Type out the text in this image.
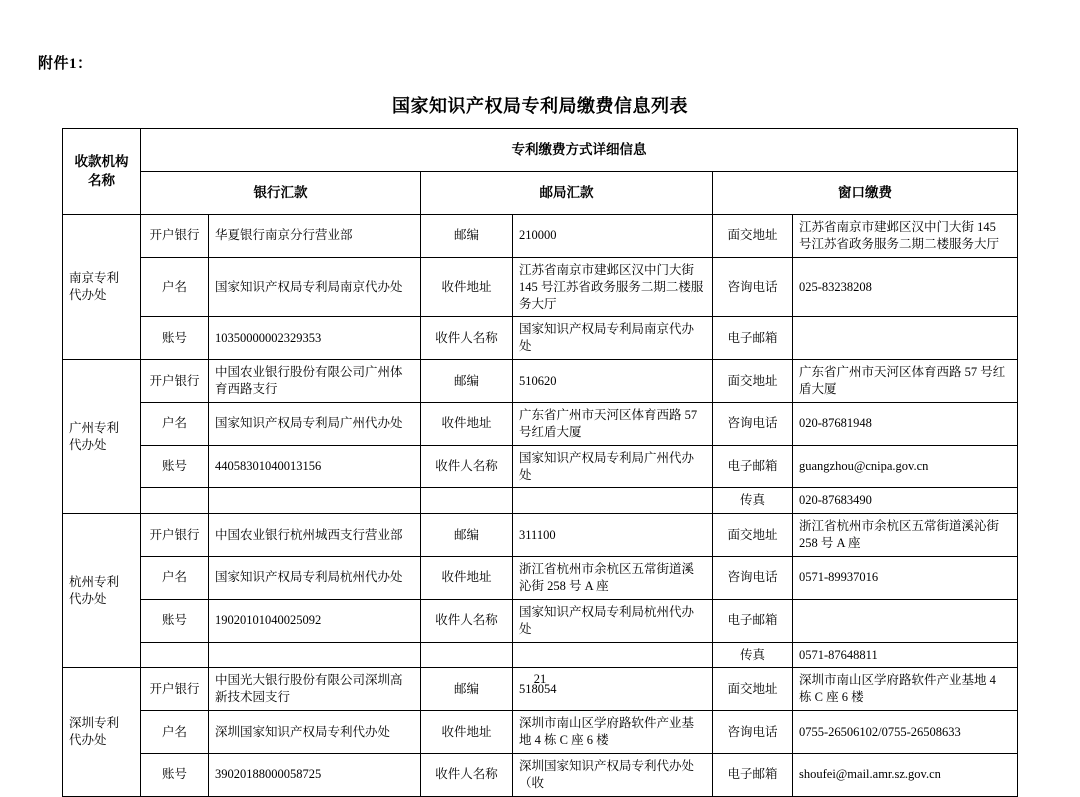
附件1：
国家知识产权局专利局缴费信息列表
收款机构
名称	专利缴费方式详细信息					
	银行汇款		邮局汇款		窗口缴费	

南京专利
代办处	开户银行	华夏银行南京分行营业部	邮编	210000	面交地址	江苏省南京市建邺区汉中门大街 145 号江苏省政务服务二期二楼服务大厅
	户名	国家知识产权局专利局南京代办处	收件地址	江苏省南京市建邺区汉中门大街 145 号江苏省政务服务二期二楼服务大厅	咨询电话	025-83238208
	账号	10350000002329353	收件人名称	国家知识产权局专利局南京代办处	电子邮箱	

广州专利
代办处	开户银行	中国农业银行股份有限公司广州体育西路支行	邮编	510620	面交地址	广东省广州市天河区体育西路 57 号红盾大厦
	户名	国家知识产权局专利局广州代办处	收件地址	广东省广州市天河区体育西路 57 号红盾大厦	咨询电话	020-87681948
	账号	44058301040013156	收件人名称	国家知识产权局专利局广州代办处	电子邮箱	guangzhou@cnipa.gov.cn
					传真	020-87683490

杭州专利
代办处	开户银行	中国农业银行杭州城西支行营业部	邮编	311100	面交地址	浙江省杭州市余杭区五常街道溪沁街 258 号 A 座
	户名	国家知识产权局专利局杭州代办处	收件地址	浙江省杭州市余杭区五常街道溪沁街 258 号 A 座	咨询电话	0571-89937016
	账号	19020101040025092	收件人名称	国家知识产权局专利局杭州代办处	电子邮箱	
					传真	0571-87648811

深圳专利
代办处	开户银行	中国光大银行股份有限公司深圳高新技术园支行	邮编	518054	面交地址	深圳市南山区学府路软件产业基地 4 栋 C 座 6 楼
	户名	深圳国家知识产权局专利代办处	收件地址	深圳市南山区学府路软件产业基地 4 栋 C 座 6 楼	咨询电话	0755-26506102/0755-26508633
	账号	39020188000058725	收件人名称	深圳国家知识产权局专利代办处（收	电子邮箱	shoufei@mail.amr.sz.gov.cn
21
